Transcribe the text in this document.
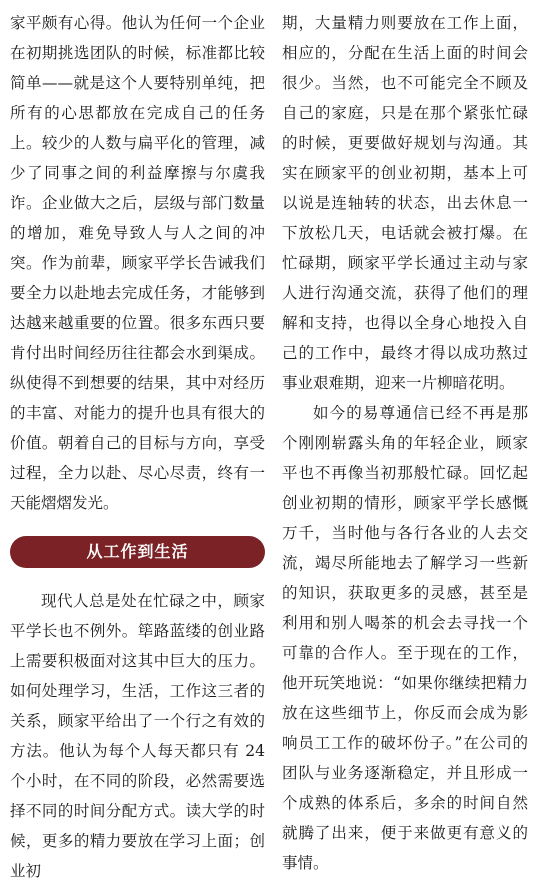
家平颇有心得。他认为任何一个企业在初期挑选团队的时候，标准都比较简单——就是这个人要特别单纯，把所有的心思都放在完成自己的任务上。较少的人数与扁平化的管理，减少了同事之间的利益摩擦与尔虞我诈。企业做大之后，层级与部门数量的增加，难免导致人与人之间的冲突。作为前辈，顾家平学长告诫我们要全力以赴地去完成任务，才能够到达越来越重要的位置。很多东西只要肯付出时间经历往往都会水到渠成。纵使得不到想要的结果，其中对经历的丰富、对能力的提升也具有很大的价值。朝着自己的目标与方向，享受过程，全力以赴、尽心尽责，终有一天能熠熠发光。

从工作到生活

现代人总是处在忙碌之中，顾家平学长也不例外。筚路蓝缕的创业路上需要积极面对这其中巨大的压力。如何处理学习，生活，工作这三者的关系，顾家平给出了一个行之有效的方法。他认为每个人每天都只有 24 个小时，在不同的阶段，必然需要选择不同的时间分配方式。读大学的时候，更多的精力要放在学习上面；创业初

期，大量精力则要放在工作上面，相应的，分配在生活上面的时间会很少。当然，也不可能完全不顾及自己的家庭，只是在那个紧张忙碌的时候，更要做好规划与沟通。其实在顾家平的创业初期，基本上可以说是连轴转的状态，出去休息一下放松几天，电话就会被打爆。在忙碌期，顾家平学长通过主动与家人进行沟通交流，获得了他们的理解和支持，也得以全身心地投入自己的工作中，最终才得以成功熬过事业艰难期，迎来一片柳暗花明。

如今的易尊通信已经不再是那个刚刚崭露头角的年轻企业，顾家平也不再像当初那般忙碌。回忆起创业初期的情形，顾家平学长感慨万千，当时他与各行各业的人去交流，竭尽所能地去了解学习一些新的知识，获取更多的灵感，甚至是利用和别人喝茶的机会去寻找一个可靠的合作人。至于现在的工作，他开玩笑地说：“如果你继续把精力放在这些细节上，你反而会成为影响员工工作的破坏份子。”在公司的团队与业务逐渐稳定，并且形成一个成熟的体系后，多余的时间自然就腾了出来，便于来做更有意义的事情。
